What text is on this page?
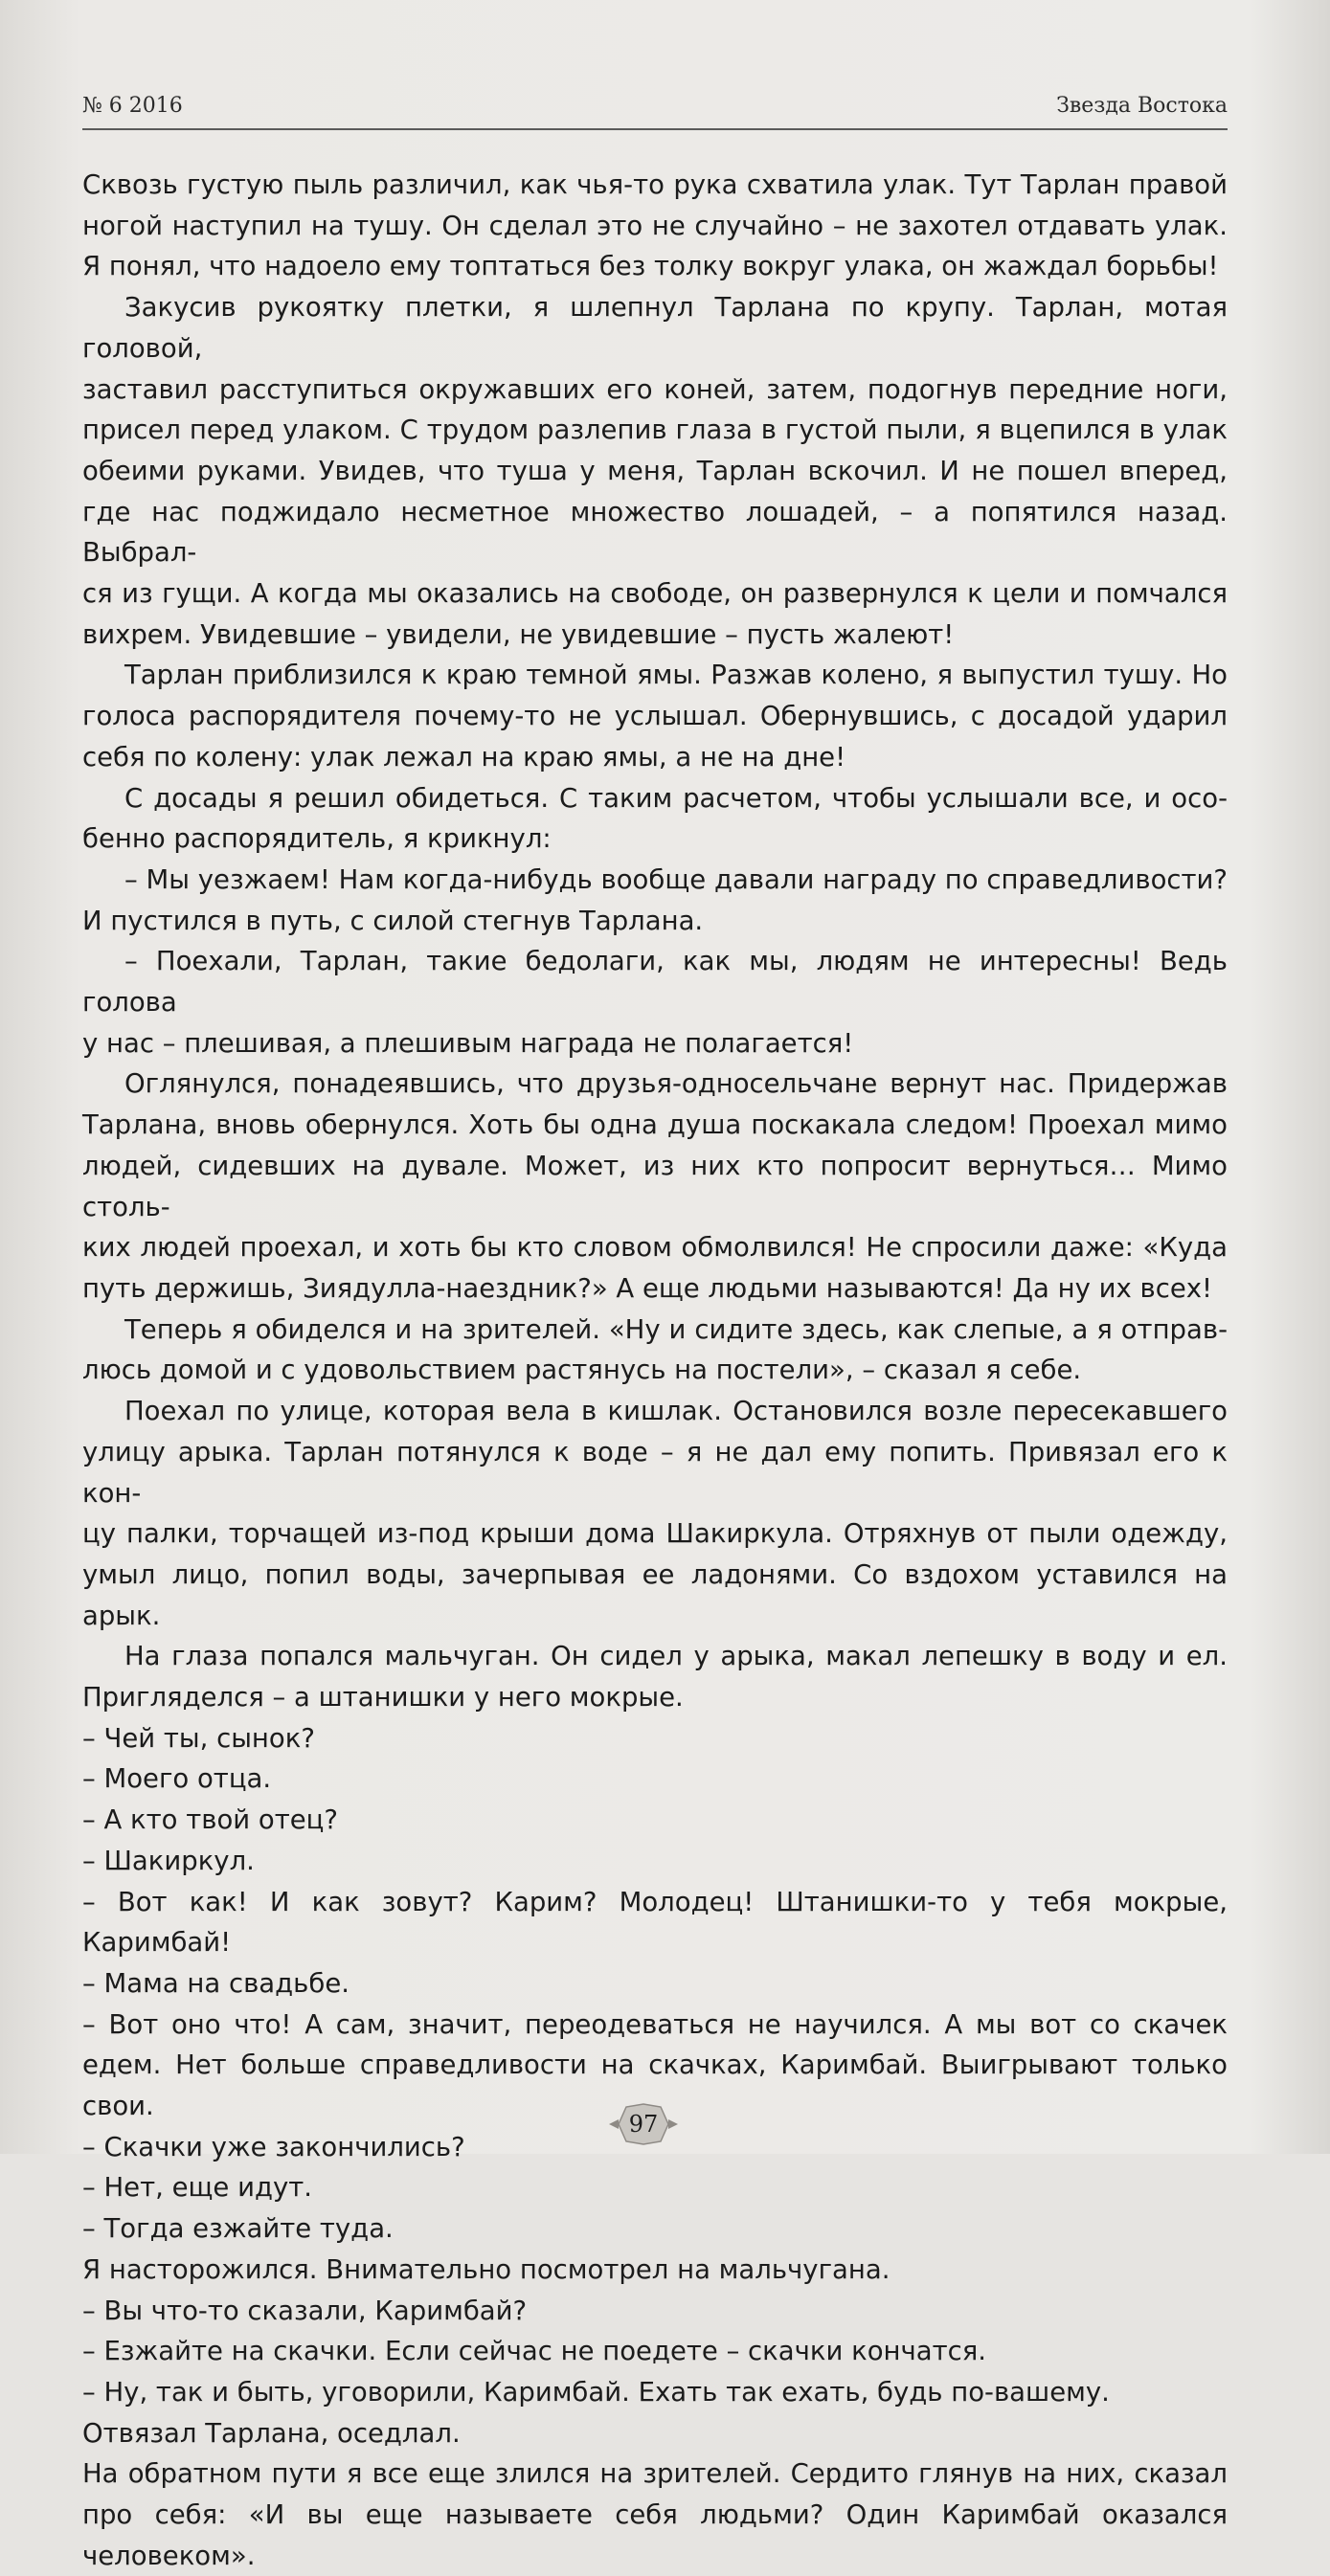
№ 6 2016	Звезда Востока

Сквозь густую пыль различил, как чья-то рука схватила улак. Тут Тарлан правой

ногой наступил на тушу. Он сделал это не случайно – не захотел отдавать улак.

Я понял, что надоело ему топтаться без толку вокруг улака, он жаждал борьбы!

Закусив рукоятку плетки, я шлепнул Тарлана по крупу. Тарлан, мотая головой,

заставил расступиться окружавших его коней, затем, подогнув передние ноги,

присел перед улаком. С трудом разлепив глаза в густой пыли, я вцепился в улак

обеими руками. Увидев, что туша у меня, Тарлан вскочил. И не пошел вперед,

где нас поджидало несметное множество лошадей, – а попятился назад. Выбрал-

ся из гущи. А когда мы оказались на свободе, он развернулся к цели и помчался

вихрем. Увидевшие – увидели, не увидевшие – пусть жалеют!

Тарлан приблизился к краю темной ямы. Разжав колено, я выпустил тушу. Но

голоса распорядителя почему-то не услышал. Обернувшись, с досадой ударил

себя по колену: улак лежал на краю ямы, а не на дне!

С досады я решил обидеться. С таким расчетом, чтобы услышали все, и осо-

бенно распорядитель, я крикнул:

– Мы уезжаем! Нам когда-нибудь вообще давали награду по справедливости?

И пустился в путь, с силой стегнув Тарлана.

– Поехали, Тарлан, такие бедолаги, как мы, людям не интересны! Ведь голова

у нас – плешивая, а плешивым награда не полагается!

Оглянулся, понадеявшись, что друзья-односельчане вернут нас. Придержав

Тарлана, вновь обернулся. Хоть бы одна душа поскакала следом! Проехал мимо

людей, сидевших на дувале. Может, из них кто попросит вернуться… Мимо столь-

ких людей проехал, и хоть бы кто словом обмолвился! Не спросили даже: «Куда

путь держишь, Зиядулла-наездник?» А еще людьми называются! Да ну их всех!

Теперь я обиделся и на зрителей. «Ну и сидите здесь, как слепые, а я отправ-

люсь домой и с удовольствием растянусь на постели», – сказал я себе.

Поехал по улице, которая вела в кишлак. Остановился возле пересекавшего

улицу арыка. Тарлан потянулся к воде – я не дал ему попить. Привязал его к кон-

цу палки, торчащей из-под крыши дома Шакиркула. Отряхнув от пыли одежду,

умыл лицо, попил воды, зачерпывая ее ладонями. Со вздохом уставился на арык.

На глаза попался мальчуган. Он сидел у арыка, макал лепешку в воду и ел.

Пригляделся – а штанишки у него мокрые.

– Чей ты, сынок?

– Моего отца.

– А кто твой отец?

– Шакиркул.

– Вот как! И как зовут? Карим? Молодец! Штанишки-то у тебя мокрые, Каримбай!

– Мама на свадьбе.

– Вот оно что! А сам, значит, переодеваться не научился. А мы вот со скачек

едем. Нет больше справедливости на скачках, Каримбай. Выигрывают только свои.

– Скачки уже закончились?

– Нет, еще идут.

– Тогда езжайте туда.

Я насторожился. Внимательно посмотрел на мальчугана.

– Вы что-то сказали, Каримбай?

– Езжайте на скачки. Если сейчас не поедете – скачки кончатся.

– Ну, так и быть, уговорили, Каримбай. Ехать так ехать, будь по-вашему.

Отвязал Тарлана, оседлал.

На обратном пути я все еще злился на зрителей. Сердито глянув на них, сказал

про себя: «И вы еще называете себя людьми? Один Каримбай оказался человеком».

97
